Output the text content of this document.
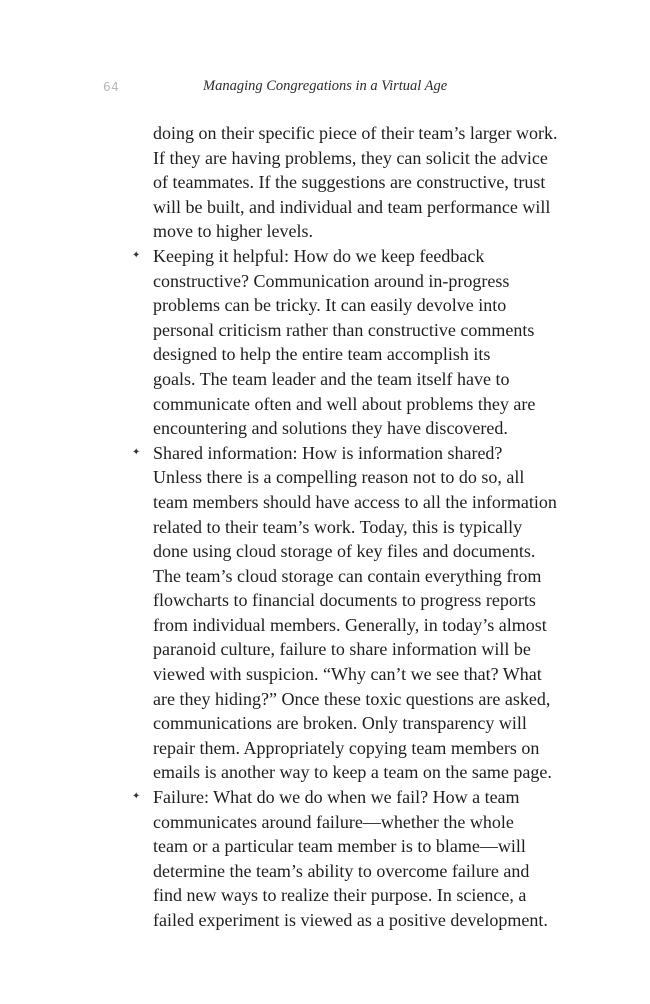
64	Managing Congregations in a Virtual Age
doing on their specific piece of their team’s larger work.
If they are having problems, they can solicit the advice
of teammates. If the suggestions are constructive, trust
will be built, and individual and team performance will
move to higher levels.
✦ Keeping it helpful: How do we keep feedback
constructive? Communication around in-progress
problems can be tricky. It can easily devolve into
personal criticism rather than constructive comments
designed to help the entire team accomplish its
goals. The team leader and the team itself have to
communicate often and well about problems they are
encountering and solutions they have discovered.
✦ Shared information: How is information shared?
Unless there is a compelling reason not to do so, all
team members should have access to all the information
related to their team’s work. Today, this is typically
done using cloud storage of key files and documents.
The team’s cloud storage can contain everything from
flowcharts to financial documents to progress reports
from individual members. Generally, in today’s almost
paranoid culture, failure to share information will be
viewed with suspicion. “Why can’t we see that? What
are they hiding?” Once these toxic questions are asked,
communications are broken. Only transparency will
repair them. Appropriately copying team members on
emails is another way to keep a team on the same page.
✦ Failure: What do we do when we fail? How a team
communicates around failure—whether the whole
team or a particular team member is to blame—will
determine the team’s ability to overcome failure and
find new ways to realize their purpose. In science, a
failed experiment is viewed as a positive development.
